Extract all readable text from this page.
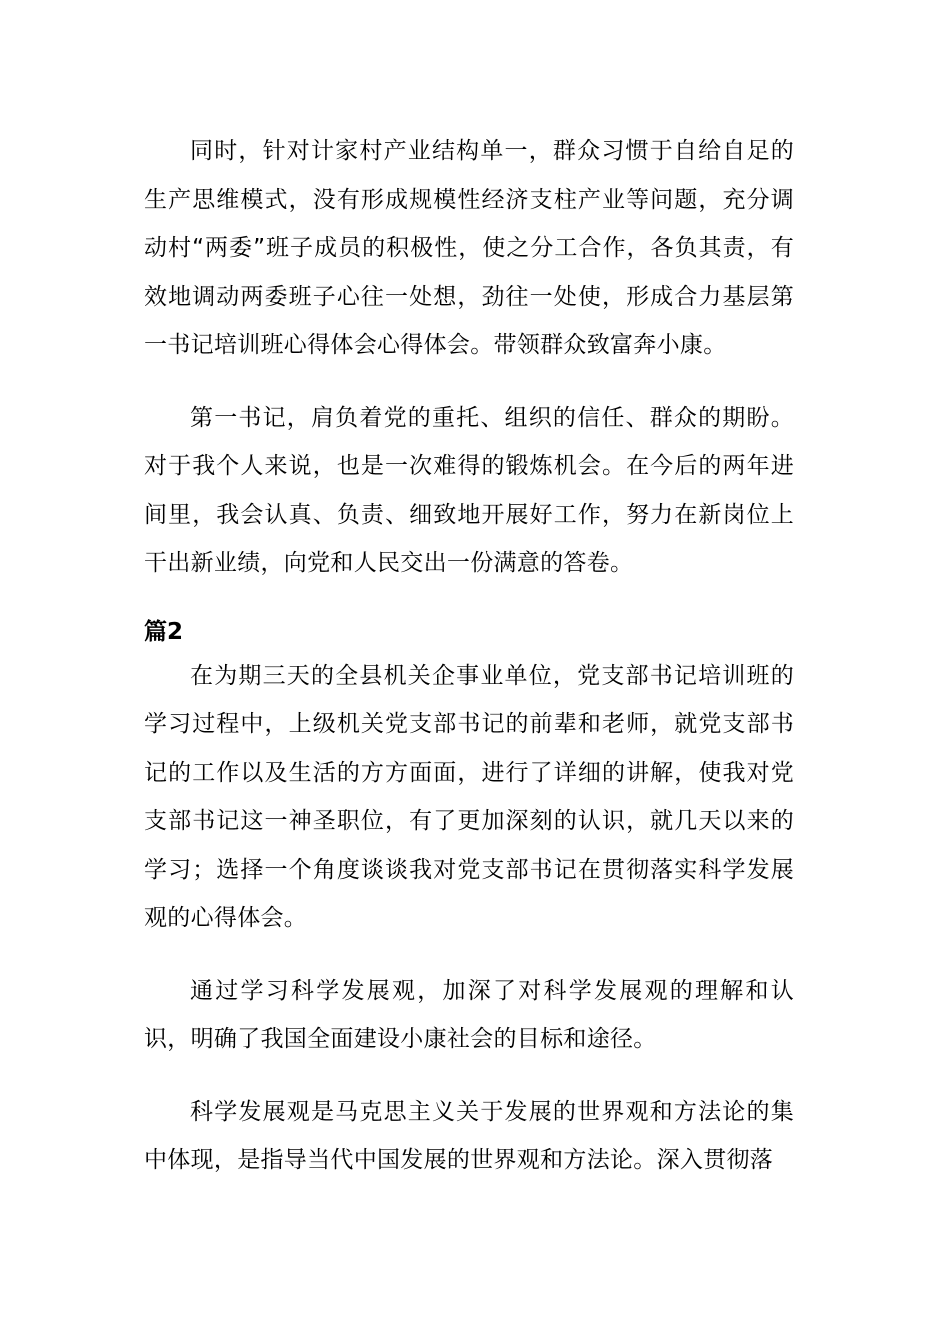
同时，针对计家村产业结构单一，群众习惯于自给自足的生产思维模式，没有形成规模性经济支柱产业等问题，充分调动村“两委”班子成员的积极性，使之分工合作，各负其责，有效地调动两委班子心往一处想，劲往一处使，形成合力基层第一书记培训班心得体会心得体会。带领群众致富奔小康。

第一书记，肩负着党的重托、组织的信任、群众的期盼。对于我个人来说，也是一次难得的锻炼机会。在今后的两年进间里，我会认真、负责、细致地开展好工作，努力在新岗位上干出新业绩，向党和人民交出一份满意的答卷。

篇2

在为期三天的全县机关企事业单位，党支部书记培训班的学习过程中，上级机关党支部书记的前辈和老师，就党支部书记的工作以及生活的方方面面，进行了详细的讲解，使我对党支部书记这一神圣职位，有了更加深刻的认识，就几天以来的学习；选择一个角度谈谈我对党支部书记在贯彻落实科学发展观的心得体会。

通过学习科学发展观，加深了对科学发展观的理解和认识，明确了我国全面建设小康社会的目标和途径。

科学发展观是马克思主义关于发展的世界观和方法论的集中体现，是指导当代中国发展的世界观和方法论。深入贯彻落
